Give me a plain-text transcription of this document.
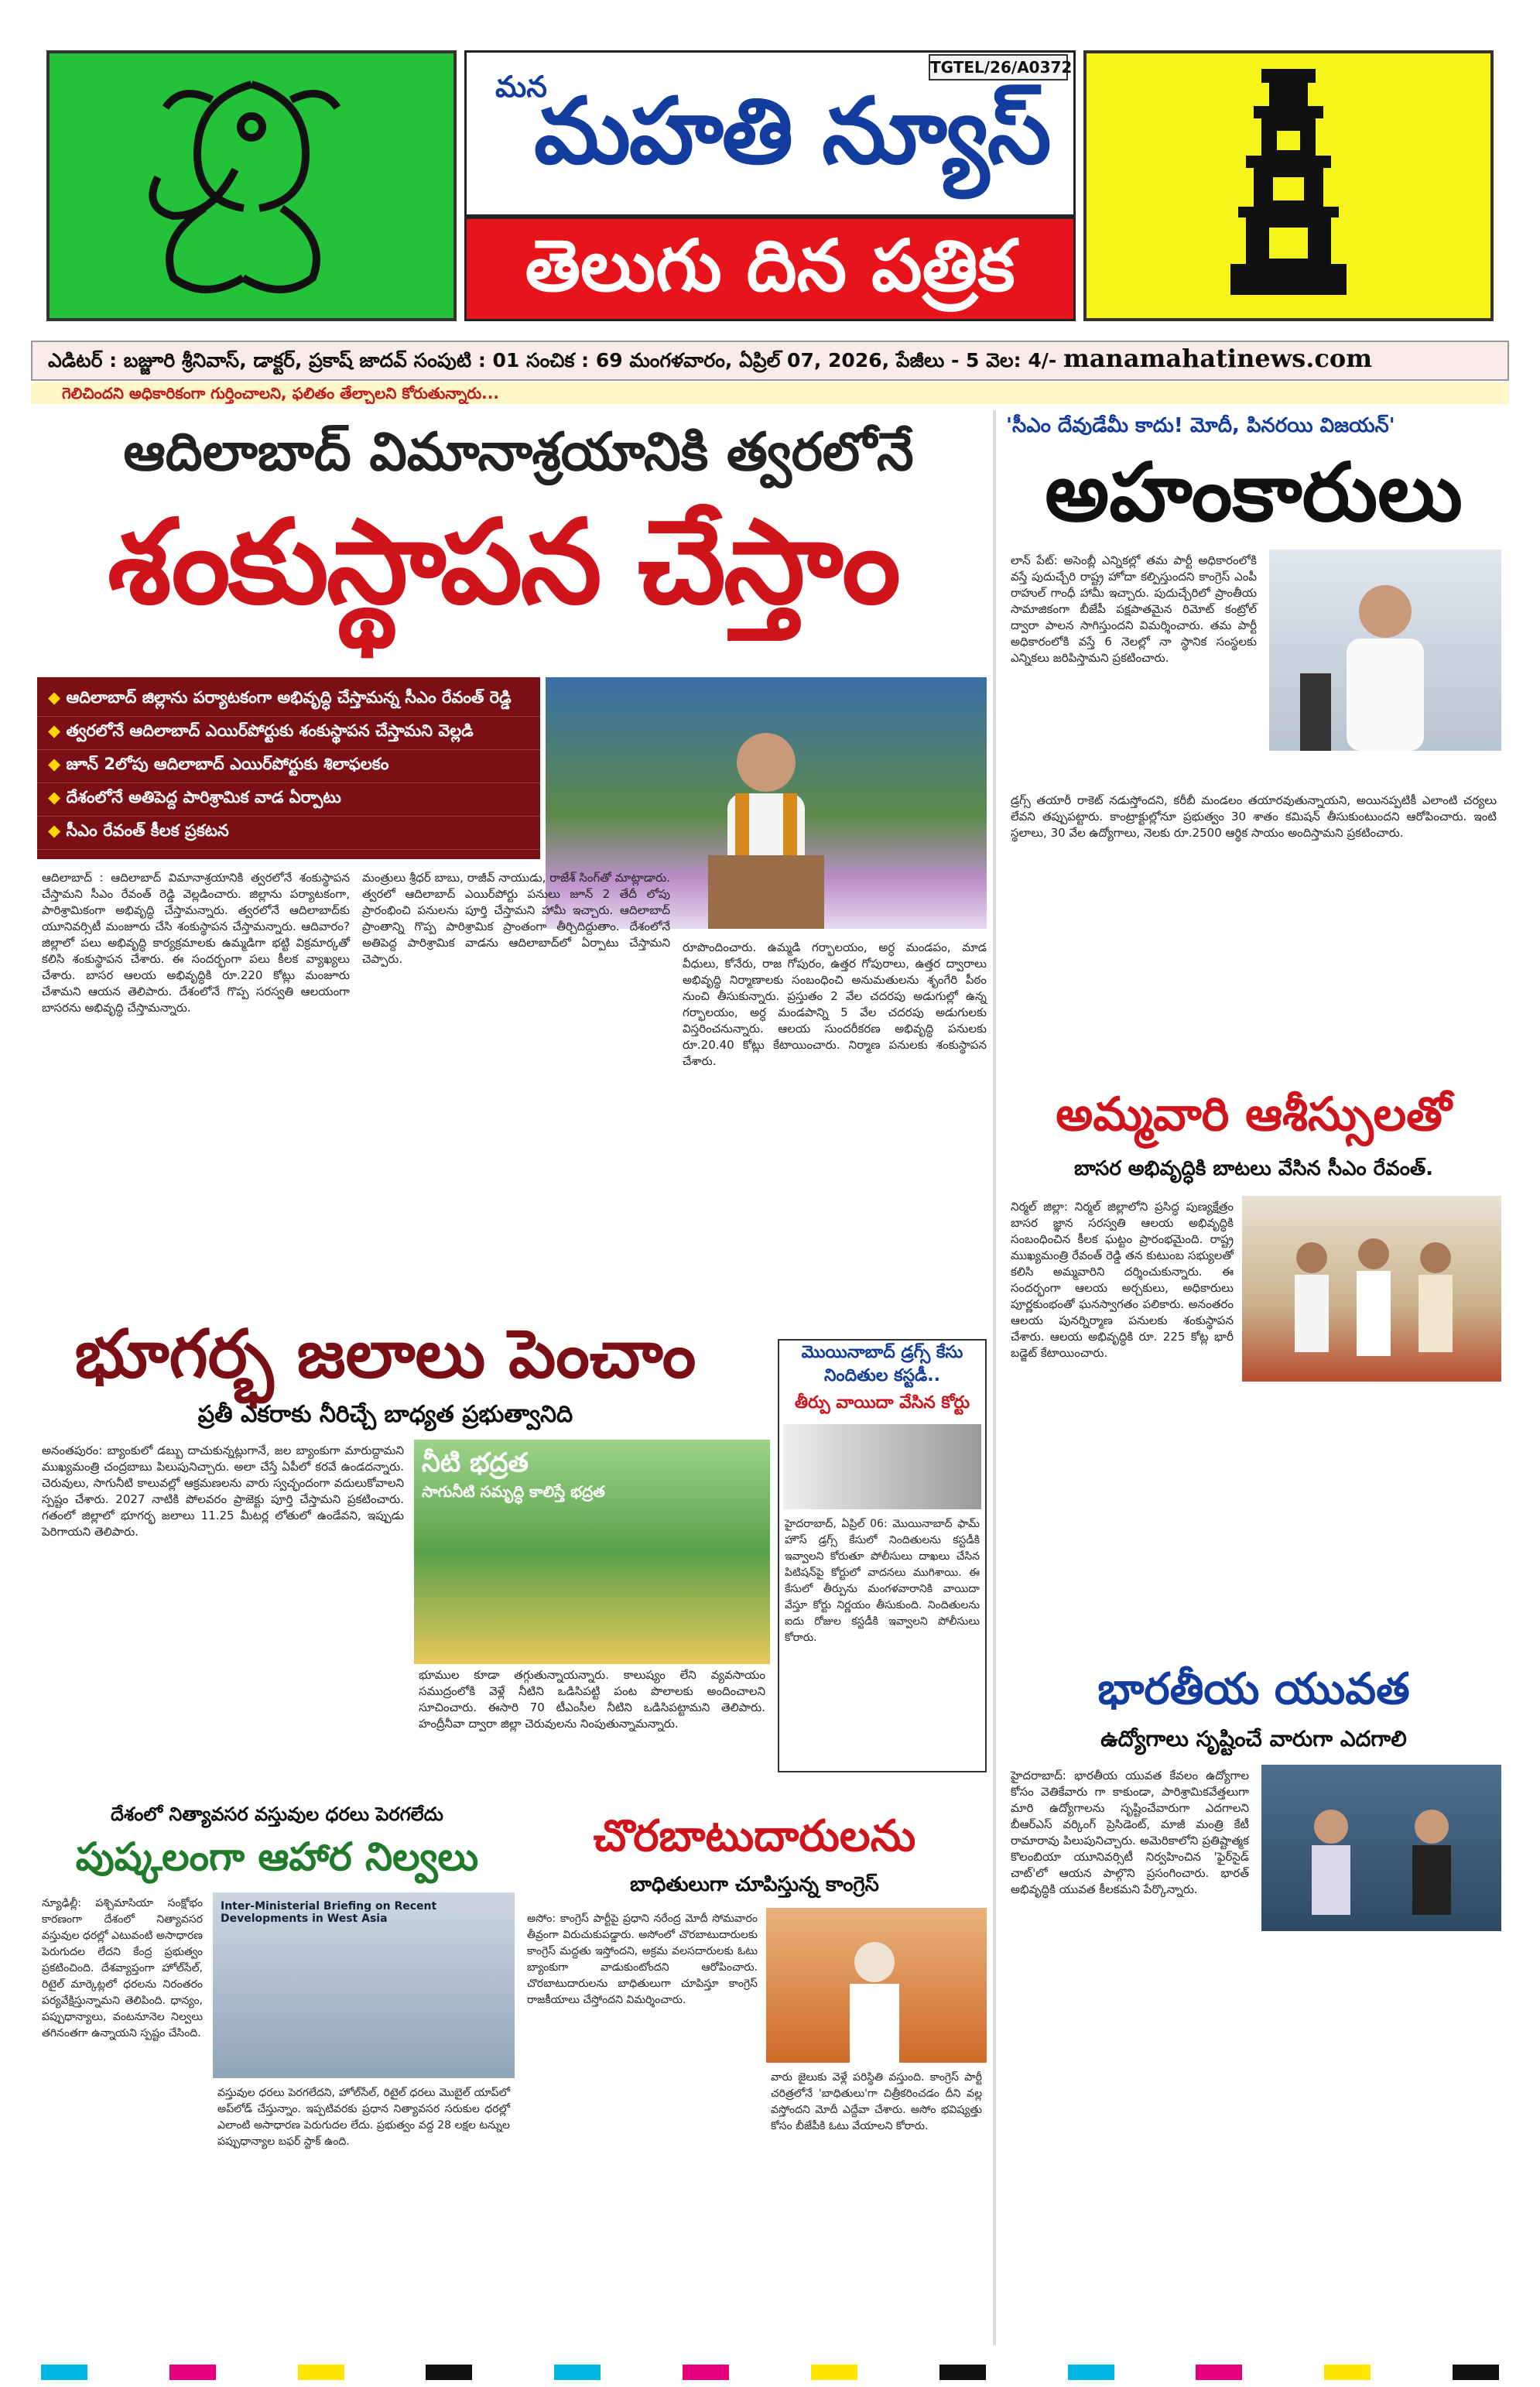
TGTEL/26/A0372
మన
మహతి న్యూస్
తెలుగు దిన పత్రిక
ఎడిటర్ : బజ్జూరి శ్రీనివాస్, డాక్టర్, ప్రకాష్ జాదవ్ సంపుటి : 01 సంచిక : 69 మంగళవారం, ఏప్రిల్ 07, 2026, పేజీలు - 5 వెల: 4/- manamahatinews.com
గెలిచిందని అధికారికంగా గుర్తించాలని, ఫలితం తేల్చాలని కోరుతున్నారు...
ఆదిలాబాద్ విమానాశ్రయానికి త్వరలోనే
శంకుస్థాపన చేస్తాం
◆ ఆదిలాబాద్ జిల్లాను పర్యాటకంగా అభివృద్ధి చేస్తామన్న సీఎం రేవంత్ రెడ్డి
◆ త్వరలోనే ఆదిలాబాద్ ఎయిర్‌పోర్టుకు శంకుస్థాపన చేస్తామని వెల్లడి
◆ జూన్ 2లోపు ఆదిలాబాద్ ఎయిర్‌పోర్టుకు శిలాఫలకం
◆ దేశంలోనే అతిపెద్ద పారిశ్రామిక వాడ ఏర్పాటు
◆ సీఎం రేవంత్ కీలక ప్రకటన
ఆదిలాబాద్ : ఆదిలాబాద్ విమానాశ్రయానికి త్వరలోనే శంకుస్థాపన చేస్తామని సీఎం రేవంత్ రెడ్డి వెల్లడించారు. జిల్లాను పర్యాటకంగా, పారిశ్రామికంగా అభివృద్ధి చేస్తామన్నారు. త్వరలోనే ఆదిలాబాద్‌కు యూనివర్సిటీ మంజూరు చేసి శంకుస్థాపన చేస్తామన్నారు. ఆదివారం? జిల్లాలో పలు అభివృద్ధి కార్యక్రమాలకు ఉమ్మడిగా భట్టి విక్రమార్కతో కలిసి శంకుస్థాపన చేశారు. ఈ సందర్భంగా పలు కీలక వ్యాఖ్యలు చేశారు. బాసర ఆలయ అభివృద్ధికి రూ.220 కోట్లు మంజూరు చేశామని ఆయన తెలిపారు. దేశంలోనే గొప్ప సరస్వతి ఆలయంగా బాసరను అభివృద్ధి చేస్తామన్నారు.
మంత్రులు శ్రీధర్ బాబు, రాజీవ్ నాయుడు, రాజేశ్ సింగ్‌తో మాట్లాడారు. త్వరలో ఆదిలాబాద్ ఎయిర్‌పోర్టు పనులు జూన్ 2 తేదీ లోపు ప్రారంభించి పనులను పూర్తి చేస్తామని హామీ ఇచ్చారు. ఆదిలాబాద్ ప్రాంతాన్ని గొప్ప పారిశ్రామిక ప్రాంతంగా తీర్చిదిద్దుతాం. దేశంలోనే అతిపెద్ద పారిశ్రామిక వాడను ఆదిలాబాద్‌లో ఏర్పాటు చేస్తామని చెప్పారు.
రూపొందించారు. ఉమ్మడి గర్భాలయం, అర్ధ మండపం, మాడ వీధులు, కోనేరు, రాజ గోపురం, ఉత్తర గోపురాలు, ఉత్తర ద్వారాలు అభివృద్ధి నిర్మాణాలకు సంబంధించి అనుమతులను శృంగేరి పీఠం నుంచి తీసుకున్నారు. ప్రస్తుతం 2 వేల చదరపు అడుగుల్లో ఉన్న గర్భాలయం, అర్ధ మండపాన్ని 5 వేల చదరపు అడుగులకు విస్తరించనున్నారు. ఆలయ సుందరీకరణ అభివృద్ధి పనులకు రూ.20.40 కోట్లు కేటాయించారు. నిర్మాణ పనులకు శంకుస్థాపన చేశారు.
'సీఎం దేవుడేమీ కాదు! మోదీ, పినరయి విజయన్'
అహంకారులు
లాన్ పేట్: అసెంబ్లీ ఎన్నికల్లో తమ పార్టీ అధికారంలోకి వస్తే పుదుచ్చేరి రాష్ట్ర హోదా కల్పిస్తుందని కాంగ్రెస్ ఎంపీ రాహుల్ గాంధీ హామీ ఇచ్చారు. పుదుచ్చేరిలో ప్రాంతీయ సామాజికంగా బీజేపీ పక్షపాతమైన రిమోట్ కంట్రోల్ ద్వారా పాలన సాగిస్తుందని విమర్శించారు. తమ పార్టీ అధికారంలోకి వస్తే 6 నెలల్లో నా స్థానిక సంస్థలకు ఎన్నికలు జరిపిస్తామని ప్రకటించారు.
డ్రగ్స్ తయారీ రాకెట్ నడుస్తోందని, కరీబీ మండలం తయారవుతున్నాయని, అయినప్పటికీ ఎలాంటి చర్యలు లేవని తప్పుపట్టారు. కాంట్రాక్టుల్లోనూ ప్రభుత్వం 30 శాతం కమిషన్ తీసుకుంటుందని ఆరోపించారు. ఇంటి స్థలాలు, 30 వేల ఉద్యోగాలు, నెలకు రూ.2500 ఆర్థిక సాయం అందిస్తామని ప్రకటించారు.
అమ్మవారి ఆశీస్సులతో
బాసర అభివృద్ధికి బాటలు వేసిన సీఎం రేవంత్.
నిర్మల్ జిల్లా: నిర్మల్ జిల్లాలోని ప్రసిద్ధ పుణ్యక్షేత్రం బాసర జ్ఞాన సరస్వతి ఆలయ అభివృద్ధికి సంబంధించిన కీలక ఘట్టం ప్రారంభమైంది. రాష్ట్ర ముఖ్యమంత్రి రేవంత్ రెడ్డి తన కుటుంబ సభ్యులతో కలిసి అమ్మవారిని దర్శించుకున్నారు. ఈ సందర్భంగా ఆలయ అర్చకులు, అధికారులు పూర్ణకుంభంతో ఘనస్వాగతం పలికారు. అనంతరం ఆలయ పునర్నిర్మాణ పనులకు శంకుస్థాపన చేశారు. ఆలయ అభివృద్ధికి రూ. 225 కోట్ల భారీ బడ్జెట్ కేటాయించారు.
భారతీయ యువత
ఉద్యోగాలు సృష్టించే వారుగా ఎదగాలి
హైదరాబాద్: భారతీయ యువత కేవలం ఉద్యోగాల కోసం వెతికేవారు గా కాకుండా, పారిశ్రామికవేత్తలుగా మారి ఉద్యోగాలను సృష్టించేవారుగా ఎదగాలని బీఆర్ఎస్ వర్కింగ్ ప్రెసిడెంట్, మాజీ మంత్రి కేటీ రామారావు పిలుపునిచ్చారు. అమెరికాలోని ప్రతిష్టాత్మక కొలంబియా యూనివర్సిటీ నిర్వహించిన 'ఫైర్‌సైడ్ చాట్'లో ఆయన పాల్గొని ప్రసంగించారు. భారత్ అభివృద్ధికి యువత కీలకమని పేర్కొన్నారు.
భూగర్భ జలాలు పెంచాం
ప్రతీ ఎకరాకు నీరిచ్చే బాధ్యత ప్రభుత్వానిది
అనంతపురం: బ్యాంకులో డబ్బు దాచుకున్నట్లుగానే, జల బ్యాంకుగా మారుద్దామని ముఖ్యమంత్రి చంద్రబాబు పిలుపునిచ్చారు. అలా చేస్తే ఏపీలో కరవే ఉండదన్నారు. చెరువులు, సాగునీటి కాలువల్లో ఆక్రమణలను వారు స్వచ్ఛందంగా వదులుకోవాలని స్పష్టం చేశారు. 2027 నాటికి పోలవరం ప్రాజెక్టు పూర్తి చేస్తామని ప్రకటించారు. గతంలో జిల్లాలో భూగర్భ జలాలు 11.25 మీటర్ల లోతులో ఉండేవని, ఇప్పుడు పెరిగాయని తెలిపారు.
నీటి భద్రత
సాగునీటి సమృద్ధి కాలిస్తే భద్రత
భూముల కూడా తగ్గుతున్నాయన్నారు. కాలుష్యం లేని వ్యవసాయం సముద్రంలోకి వెళ్లే నీటిని ఒడిసిపట్టి పంట పొలాలకు అందించాలని సూచించారు. ఈసారి 70 టీఎంసీల నీటిని ఒడిసిపట్టామని తెలిపారు. హంద్రీనీవా ద్వారా జిల్లా చెరువులను నింపుతున్నామన్నారు.
మొయినాబాద్ డ్రగ్స్ కేసు నిందితుల కస్టడీ..
తీర్పు వాయిదా వేసిన కోర్టు
హైదరాబాద్, ఏప్రిల్ 06: మొయినాబాద్ ఫామ్ హౌస్ డ్రగ్స్ కేసులో నిందితులను కస్టడీకి ఇవ్వాలని కోరుతూ పోలీసులు దాఖలు చేసిన పిటిషన్‌పై కోర్టులో వాదనలు ముగిశాయి. ఈ కేసులో తీర్పును మంగళవారానికి వాయిదా వేస్తూ కోర్టు నిర్ణయం తీసుకుంది. నిందితులను ఐదు రోజుల కస్టడీకి ఇవ్వాలని పోలీసులు కోరారు.
దేశంలో నిత్యావసర వస్తువుల ధరలు పెరగలేదు
పుష్కలంగా ఆహార నిల్వలు
న్యూఢిల్లీ: పశ్చిమాసియా సంక్షోభం కారణంగా దేశంలో నిత్యావసర వస్తువుల ధరల్లో ఎటువంటి అసాధారణ పెరుగుదల లేదని కేంద్ర ప్రభుత్వం ప్రకటించింది. దేశవ్యాప్తంగా హోల్‌సేల్, రిటైల్ మార్కెట్లలో ధరలను నిరంతరం పర్యవేక్షిస్తున్నామని తెలిపింది. ధాన్యం, పప్పుధాన్యాలు, వంటనూనెల నిల్వలు తగినంతగా ఉన్నాయని స్పష్టం చేసింది.
Inter-Ministerial Briefing on Recent Developments in West Asia
వస్తువుల ధరలు పెరగలేదని, హోల్‌సేల్, రిటైల్ ధరలు మొబైల్ యాప్‌లో అప్‌లోడ్ చేస్తున్నాం. ఇప్పటివరకు ప్రధాన నిత్యావసర సరుకుల ధరల్లో ఎలాంటి అసాధారణ పెరుగుదల లేదు. ప్రభుత్వం వద్ద 28 లక్షల టన్నుల పప్పుధాన్యాల బఫర్ స్టాక్ ఉంది.
చొరబాటుదారులను
బాధితులుగా చూపిస్తున్న కాంగ్రెస్
అసోం: కాంగ్రెస్ పార్టీపై ప్రధాని నరేంద్ర మోదీ సోమవారం తీవ్రంగా విరుచుకుపడ్డారు. అసోంలో చొరబాటుదారులకు కాంగ్రెస్ మద్దతు ఇస్తోందని, అక్రమ వలసదారులకు ఓటు బ్యాంకుగా వాడుకుంటోందని ఆరోపించారు. చొరబాటుదారులను బాధితులుగా చూపిస్తూ కాంగ్రెస్ రాజకీయాలు చేస్తోందని విమర్శించారు.
వారు జైలుకు వెళ్లే పరిస్థితి వస్తుంది. కాంగ్రెస్ పార్టీ చరిత్రలోనే 'బాధితులు'గా చిత్రీకరించడం దీని వల్ల వస్తోందని మోదీ ఎద్దేవా చేశారు. అసోం భవిష్యత్తు కోసం బీజేపీకి ఓటు వేయాలని కోరారు.
